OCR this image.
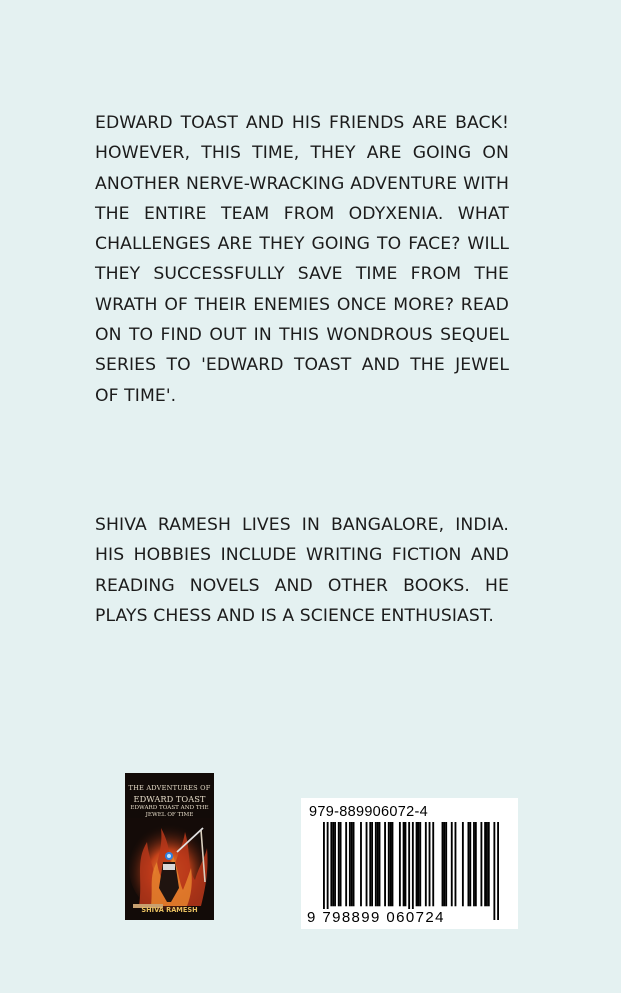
EDWARD TOAST AND HIS FRIENDS ARE BACK! HOWEVER, THIS TIME, THEY ARE GOING ON ANOTHER NERVE-WRACKING ADVENTURE WITH THE ENTIRE TEAM FROM ODYXENIA. WHAT CHALLENGES ARE THEY GOING TO FACE? WILL THEY SUCCESSFULLY SAVE TIME FROM THE WRATH OF THEIR ENEMIES ONCE MORE? READ ON TO FIND OUT IN THIS WONDROUS SEQUEL SERIES TO 'EDWARD TOAST AND THE JEWEL OF TIME'.
SHIVA RAMESH LIVES IN BANGALORE, INDIA. HIS HOBBIES INCLUDE WRITING FICTION AND READING NOVELS AND OTHER BOOKS. HE PLAYS CHESS AND IS A SCIENCE ENTHUSIAST.
THE ADVENTURES OF
EDWARD TOAST
EDWARD TOAST AND THE JEWEL OF TIME
SHIVA RAMESH
979-889906072-4
9 798899 060724
